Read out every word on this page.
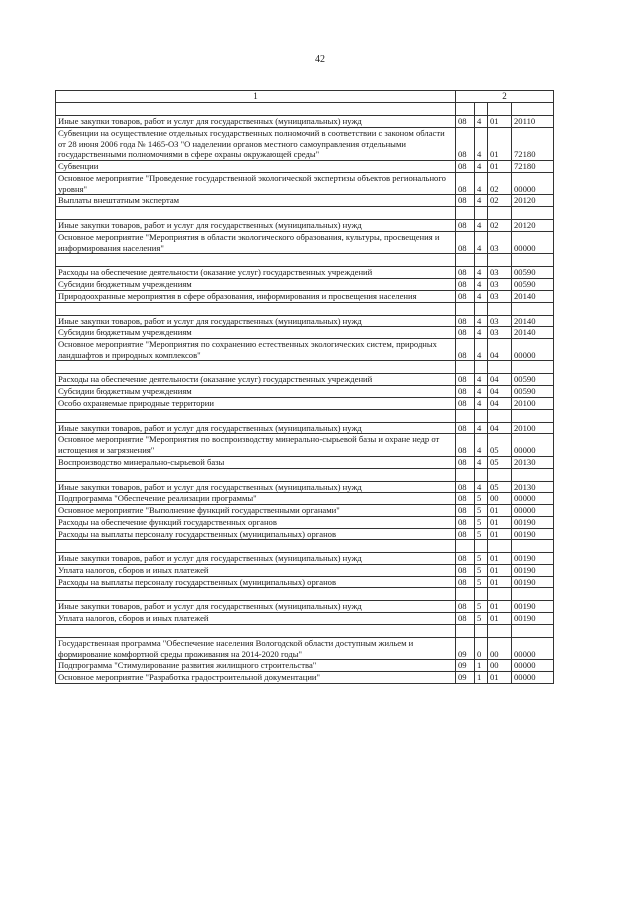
42
1	2			

Иные закупки товаров, работ и услуг для государственных (муниципальных) нужд	08	4	01	20110
Субвенции на осуществление отдельных государственных полномочий в соответствии с законом области от 28 июня 2006 года № 1465-ОЗ "О наделении органов местного самоуправления отдельными государственными полномочиями в сфере охраны окружающей среды"	08	4	01	72180
Субвенции	08	4	01	72180
Основное мероприятие "Проведение государственной экологической экспертизы объектов регионального уровня"	08	4	02	00000
Выплаты внештатным экспертам	08	4	02	20120

Иные закупки товаров, работ и услуг для государственных (муниципальных) нужд	08	4	02	20120
Основное мероприятие "Мероприятия в области экологического образования, культуры, просвещения и информирования населения"	08	4	03	00000

Расходы на обеспечение деятельности (оказание услуг) государственных учреждений	08	4	03	00590
Субсидии бюджетным учреждениям	08	4	03	00590
Природоохранные мероприятия в сфере образования, информирования и просвещения населения	08	4	03	20140

Иные закупки товаров, работ и услуг для государственных (муниципальных) нужд	08	4	03	20140
Субсидии бюджетным учреждениям	08	4	03	20140
Основное мероприятие "Мероприятия по сохранению естественных экологических систем, природных ландшафтов и природных комплексов"	08	4	04	00000

Расходы на обеспечение деятельности (оказание услуг) государственных учреждений	08	4	04	00590
Субсидии бюджетным учреждениям	08	4	04	00590
Особо охраняемые природные территории	08	4	04	20100

Иные закупки товаров, работ и услуг для государственных (муниципальных) нужд	08	4	04	20100
Основное мероприятие "Мероприятия по воспроизводству минерально-сырьевой базы и охране недр от истощения и загрязнения"	08	4	05	00000
Воспроизводство минерально-сырьевой базы	08	4	05	20130

Иные закупки товаров, работ и услуг для государственных (муниципальных) нужд	08	4	05	20130
Подпрограмма "Обеспечение реализации программы"	08	5	00	00000
Основное мероприятие "Выполнение функций государственными органами"	08	5	01	00000
Расходы на обеспечение функций государственных органов	08	5	01	00190
Расходы на выплаты персоналу государственных (муниципальных) органов	08	5	01	00190

Иные закупки товаров, работ и услуг для государственных (муниципальных) нужд	08	5	01	00190
Уплата налогов, сборов и иных платежей	08	5	01	00190
Расходы на выплаты персоналу государственных (муниципальных) органов	08	5	01	00190

Иные закупки товаров, работ и услуг для государственных (муниципальных) нужд	08	5	01	00190
Уплата налогов, сборов и иных платежей	08	5	01	00190

Государственная программа "Обеспечение населения Вологодской области доступным жильем и формирование комфортной среды проживания на 2014-2020 годы"	09	0	00	00000
Подпрограмма "Стимулирование развития жилищного строительства"	09	1	00	00000
Основное мероприятие "Разработка градостроительной документации"	09	1	01	00000
